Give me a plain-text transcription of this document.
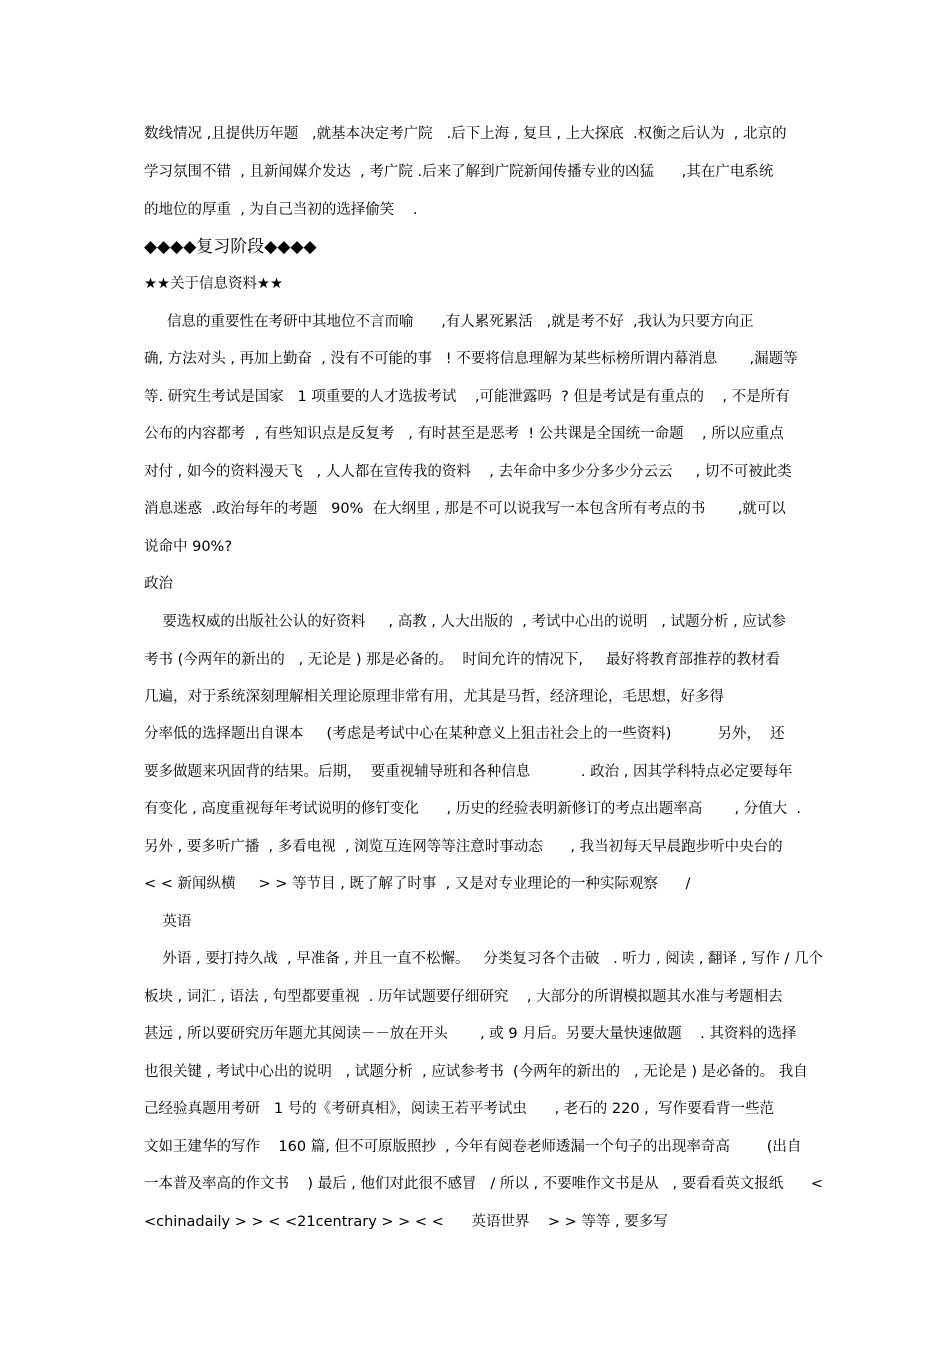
数线情况 ,且提供历年题   ,就基本决定考广院   .后下上海 , 复旦 , 上大探底  .权衡之后认为  , 北京的
学习氛围不错  , 且新闻媒介发达  , 考广院 .后来了解到广院新闻传播专业的凶猛      ,其在广电系统
的地位的厚重  , 为自己当初的选择偷笑    .
◆◆◆◆复习阶段◆◆◆◆
★★关于信息资料★★
信息的重要性在考研中其地位不言而喻      ,有人累死累活   ,就是考不好  ,我认为只要方向正
确, 方法对头 , 再加上勤奋  , 没有不可能的事   ! 不要将信息理解为某些标榜所谓内幕消息       ,漏题等
等. 研究生考试是国家   1 项重要的人才选拔考试    ,可能泄露吗  ? 但是考试是有重点的    , 不是所有
公布的内容都考  , 有些知识点是反复考   , 有时甚至是恶考  ! 公共课是全国统一命题    , 所以应重点
对付 , 如今的资料漫天飞   , 人人都在宣传我的资料    , 去年命中多少分多少分云云     , 切不可被此类
消息迷惑  .政治每年的考题   90%  在大纲里 , 那是不可以说我写一本包含所有考点的书       ,就可以
说命中 90%?
政治
要选权威的出版社公认的好资料     , 高教 , 人大出版的  , 考试中心出的说明   , 试题分析 , 应试参
考书 (今两年的新出的   , 无论是 ) 那是必备的。  时间允许的情况下,     最好将教育部推荐的教材看
几遍，对于系统深刻理解相关理论原理非常有用，尤其是马哲，经济理论，毛思想，好多得
分率低的选择题出自课本     (考虑是考试中心在某种意义上狙击社会上的一些资料)          另外，  还
要多做题来巩固背的结果。后期，  要重视辅导班和各种信息           . 政治 , 因其学科特点必定要每年
有变化 , 高度重视每年考试说明的修钉变化      , 历史的经验表明新修订的考点出题率高       , 分值大  .
另外 , 要多听广播  , 多看电视  , 浏览互连网等等注意时事动态      , 我当初每天早晨跑步听中央台的
< < 新闻纵横     > > 等节目 , 既了解了时事  , 又是对专业理论的一种实际观察      /
英语
外语 , 要打持久战  , 早准备 , 并且一直不松懈。   分类复习各个击破   . 听力 , 阅读 , 翻译 , 写作 / 几个
板块 , 词汇 , 语法 , 句型都要重视  . 历年试题要仔细研究    , 大部分的所谓模拟题其水准与考题相去
甚远 , 所以要研究历年题尤其阅读－－放在开头       , 或 9 月后。另要大量快速做题    . 其资料的选择
也很关键 , 考试中心出的说明   , 试题分析  , 应试参考书  (今两年的新出的   , 无论是 ) 是必备的。 我自
己经验真题用考研   1 号的《考研真相》，阅读王若平考试虫      , 老石的 220 ,  写作要看背一些范
文如王建华的写作    160 篇, 但不可原版照抄  , 今年有阅卷老师透漏一个句子的出现率奇高        (出自
一本普及率高的作文书    ) 最后 , 他们对此很不感冒   / 所以 , 不要唯作文书是从   , 要看看英文报纸      <
<chinadaily > > < <21centrary > > < <      英语世界    > > 等等 , 要多写
